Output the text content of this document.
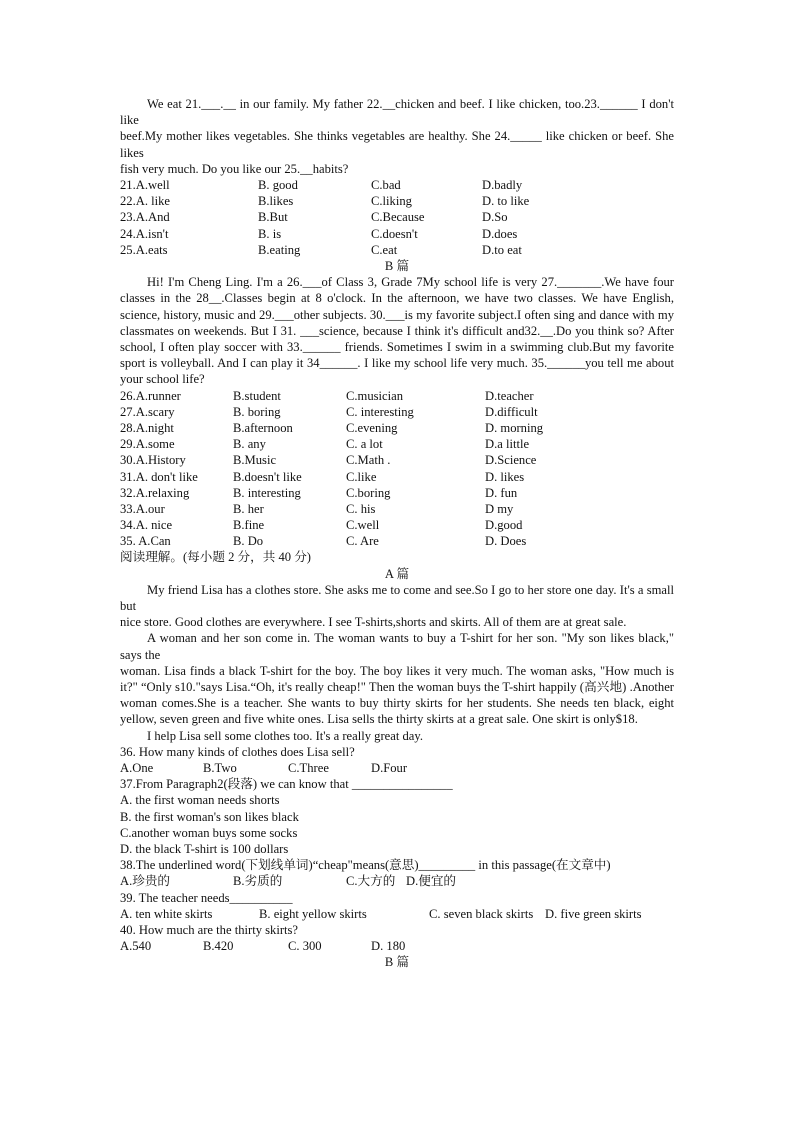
We eat 21.___.__ in our family. My father 22.__chicken and beef. I like chicken, too.23.______ I don't like

beef.My mother likes vegetables. She thinks vegetables are healthy. She 24._____ like chicken or beef. She likes

fish very much. Do you like our 25.__habits?

21.A.well	B. good	C.bad	D.badly
22.A. like	B.likes	C.liking	D. to like
23.A.And	B.But	C.Because	D.So
24.A.isn't	B. is	C.doesn't	D.does
25.A.eats	B.eating	C.eat	D.to eat

B 篇

Hi! I'm Cheng Ling. I'm a 26.___of Class 3, Grade 7My school life is very 27._______.We have four classes in the 28__.Classes begin at 8 o'clock. In the afternoon, we have two classes. We have English, science, history, music and 29.___other subjects. 30.___is my favorite subject.I often sing and dance with my classmates on weekends. But I 31. ___science, because I think it's difficult and32.__.Do you think so? After school, I often play soccer with 33.______ friends. Sometimes I swim in a swimming club.But my favorite sport is volleyball. And I can play it 34______. I like my school life very much. 35.______you tell me about your school life?

26.A.runner	B.student	C.musician	D.teacher
27.A.scary	B. boring	C. interesting	D.difficult
28.A.night	B.afternoon	C.evening	D. morning
29.A.some	B. any	C. a lot	D.a little
30.A.History	B.Music	C.Math .	D.Science
31.A. don't like	B.doesn't like	C.like	D. likes
32.A.relaxing	B. interesting	C.boring	D. fun
33.A.our	B. her	C. his	D my
34.A. nice	B.fine	C.well	D.good
35. A.Can	B. Do	C. Are	D. Does

阅读理解。(每小题 2 分，共 40 分)

A 篇

My friend Lisa has a clothes store. She asks me to come and see.So I go to her store one day. It's a small but

nice store. Good clothes are everywhere. I see T-shirts,shorts and skirts. All of them are at great sale.

A woman and her son come in. The woman wants to buy a T-shirt for her son. "My son likes black," says the

woman. Lisa finds a black T-shirt for the boy. The boy likes it very much. The woman asks, "How much is it?" “Only s10."says Lisa.“Oh, it's really cheap!" Then the woman buys the T-shirt happily (高兴地) .Another woman comes.She is a teacher. She wants to buy thirty skirts for her students. She needs ten black, eight yellow, seven green and five white ones. Lisa sells the thirty skirts at a great sale. One skirt is only$18.

I help Lisa sell some clothes too. It's a really great day.

36. How many kinds of clothes does Lisa sell?

A.One	B.Two	C.Three	D.Four

37.From Paragraph2(段落) we can know that ________________

A. the first woman needs shorts

B. the first woman's son likes black

C.another woman buys some socks

D. the black T-shirt is 100 dollars

38.The underlined word(下划线单词)“cheap"means(意思)_________ in this passage(在文章中)

A.珍贵的	B.劣质的	C.大方的 D.便宜的

39. The teacher needs__________

A. ten white skirts	B. eight yellow skirts	C. seven black skirts D. five green skirts

40. How much are the thirty skirts?

A.540	B.420	C. 300	D. 180

B 篇
